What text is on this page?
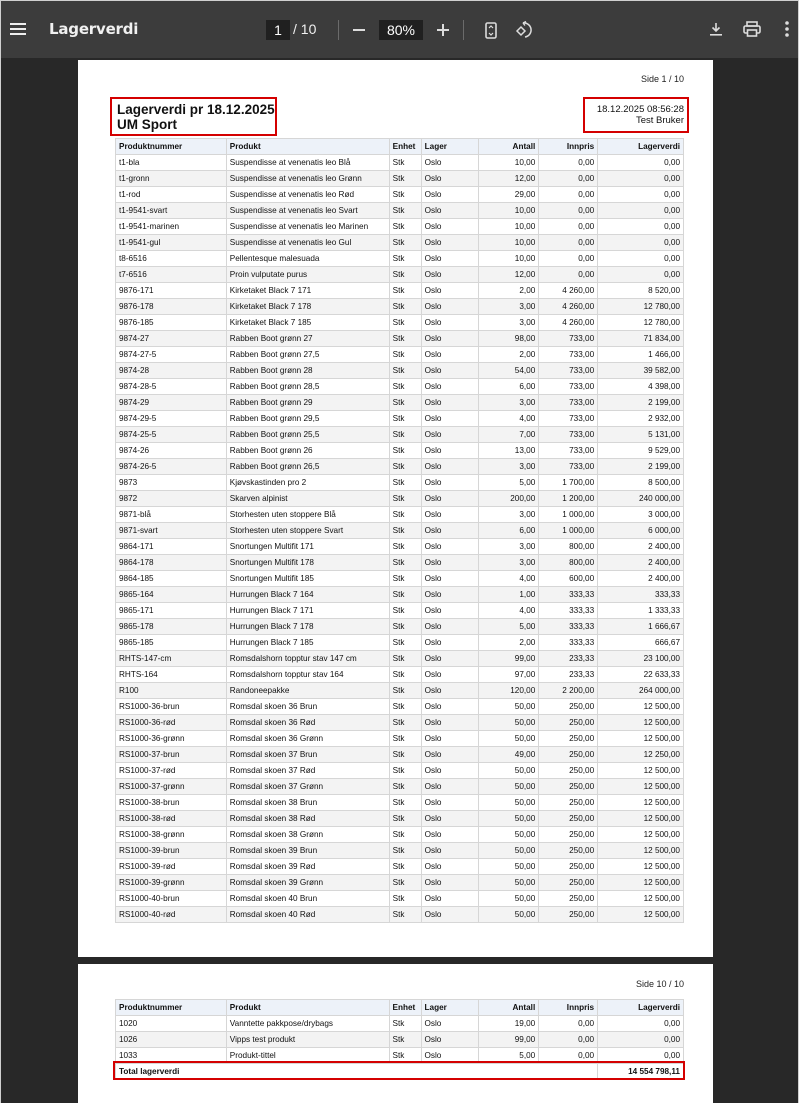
Lagerverdi	1 / 10	80%
Side 1 / 10
Lagerverdi pr 18.12.2025
UM Sport
18.12.2025 08:56:28
Test Bruker
Produktnummer	Produkt	Enhet	Lager	Antall	Innpris	Lagerverdi
t1-bla	Suspendisse at venenatis leo Blå	Stk	Oslo	10,00	0,00	0,00
t1-gronn	Suspendisse at venenatis leo Grønn	Stk	Oslo	12,00	0,00	0,00
t1-rod	Suspendisse at venenatis leo Rød	Stk	Oslo	29,00	0,00	0,00
t1-9541-svart	Suspendisse at venenatis leo Svart	Stk	Oslo	10,00	0,00	0,00
t1-9541-marinen	Suspendisse at venenatis leo Marinen	Stk	Oslo	10,00	0,00	0,00
t1-9541-gul	Suspendisse at venenatis leo Gul	Stk	Oslo	10,00	0,00	0,00
t8-6516	Pellentesque malesuada	Stk	Oslo	10,00	0,00	0,00
t7-6516	Proin vulputate purus	Stk	Oslo	12,00	0,00	0,00
9876-171	Kirketaket Black 7 171	Stk	Oslo	2,00	4 260,00	8 520,00
9876-178	Kirketaket Black 7 178	Stk	Oslo	3,00	4 260,00	12 780,00
9876-185	Kirketaket Black 7 185	Stk	Oslo	3,00	4 260,00	12 780,00
9874-27	Rabben Boot grønn 27	Stk	Oslo	98,00	733,00	71 834,00
9874-27-5	Rabben Boot grønn 27,5	Stk	Oslo	2,00	733,00	1 466,00
9874-28	Rabben Boot grønn 28	Stk	Oslo	54,00	733,00	39 582,00
9874-28-5	Rabben Boot grønn 28,5	Stk	Oslo	6,00	733,00	4 398,00
9874-29	Rabben Boot grønn 29	Stk	Oslo	3,00	733,00	2 199,00
9874-29-5	Rabben Boot grønn 29,5	Stk	Oslo	4,00	733,00	2 932,00
9874-25-5	Rabben Boot grønn 25,5	Stk	Oslo	7,00	733,00	5 131,00
9874-26	Rabben Boot grønn 26	Stk	Oslo	13,00	733,00	9 529,00
9874-26-5	Rabben Boot grønn 26,5	Stk	Oslo	3,00	733,00	2 199,00
9873	Kjøvskastinden pro 2	Stk	Oslo	5,00	1 700,00	8 500,00
9872	Skarven alpinist	Stk	Oslo	200,00	1 200,00	240 000,00
9871-blå	Storhesten uten stoppere Blå	Stk	Oslo	3,00	1 000,00	3 000,00
9871-svart	Storhesten uten stoppere Svart	Stk	Oslo	6,00	1 000,00	6 000,00
9864-171	Snortungen Multifit 171	Stk	Oslo	3,00	800,00	2 400,00
9864-178	Snortungen Multifit 178	Stk	Oslo	3,00	800,00	2 400,00
9864-185	Snortungen Multifit 185	Stk	Oslo	4,00	600,00	2 400,00
9865-164	Hurrungen Black 7 164	Stk	Oslo	1,00	333,33	333,33
9865-171	Hurrungen Black 7 171	Stk	Oslo	4,00	333,33	1 333,33
9865-178	Hurrungen Black 7 178	Stk	Oslo	5,00	333,33	1 666,67
9865-185	Hurrungen Black 7 185	Stk	Oslo	2,00	333,33	666,67
RHTS-147-cm	Romsdalshorn topptur stav 147 cm	Stk	Oslo	99,00	233,33	23 100,00
RHTS-164	Romsdalshorn topptur stav 164	Stk	Oslo	97,00	233,33	22 633,33
R100	Randoneepakke	Stk	Oslo	120,00	2 200,00	264 000,00
RS1000-36-brun	Romsdal skoen 36 Brun	Stk	Oslo	50,00	250,00	12 500,00
RS1000-36-rød	Romsdal skoen 36 Rød	Stk	Oslo	50,00	250,00	12 500,00
RS1000-36-grønn	Romsdal skoen 36 Grønn	Stk	Oslo	50,00	250,00	12 500,00
RS1000-37-brun	Romsdal skoen 37 Brun	Stk	Oslo	49,00	250,00	12 250,00
RS1000-37-rød	Romsdal skoen 37 Rød	Stk	Oslo	50,00	250,00	12 500,00
RS1000-37-grønn	Romsdal skoen 37 Grønn	Stk	Oslo	50,00	250,00	12 500,00
RS1000-38-brun	Romsdal skoen 38 Brun	Stk	Oslo	50,00	250,00	12 500,00
RS1000-38-rød	Romsdal skoen 38 Rød	Stk	Oslo	50,00	250,00	12 500,00
RS1000-38-grønn	Romsdal skoen 38 Grønn	Stk	Oslo	50,00	250,00	12 500,00
RS1000-39-brun	Romsdal skoen 39 Brun	Stk	Oslo	50,00	250,00	12 500,00
RS1000-39-rød	Romsdal skoen 39 Rød	Stk	Oslo	50,00	250,00	12 500,00
RS1000-39-grønn	Romsdal skoen 39 Grønn	Stk	Oslo	50,00	250,00	12 500,00
RS1000-40-brun	Romsdal skoen 40 Brun	Stk	Oslo	50,00	250,00	12 500,00
RS1000-40-rød	Romsdal skoen 40 Rød	Stk	Oslo	50,00	250,00	12 500,00
Side 10 / 10
Produktnummer	Produkt	Enhet	Lager	Antall	Innpris	Lagerverdi
1020	Vanntette pakkpose/drybags	Stk	Oslo	19,00	0,00	0,00
1026	Vipps test produkt	Stk	Oslo	99,00	0,00	0,00
1033	Produkt-tittel	Stk	Oslo	5,00	0,00	0,00
Total lagerverdi						14 554 798,11
